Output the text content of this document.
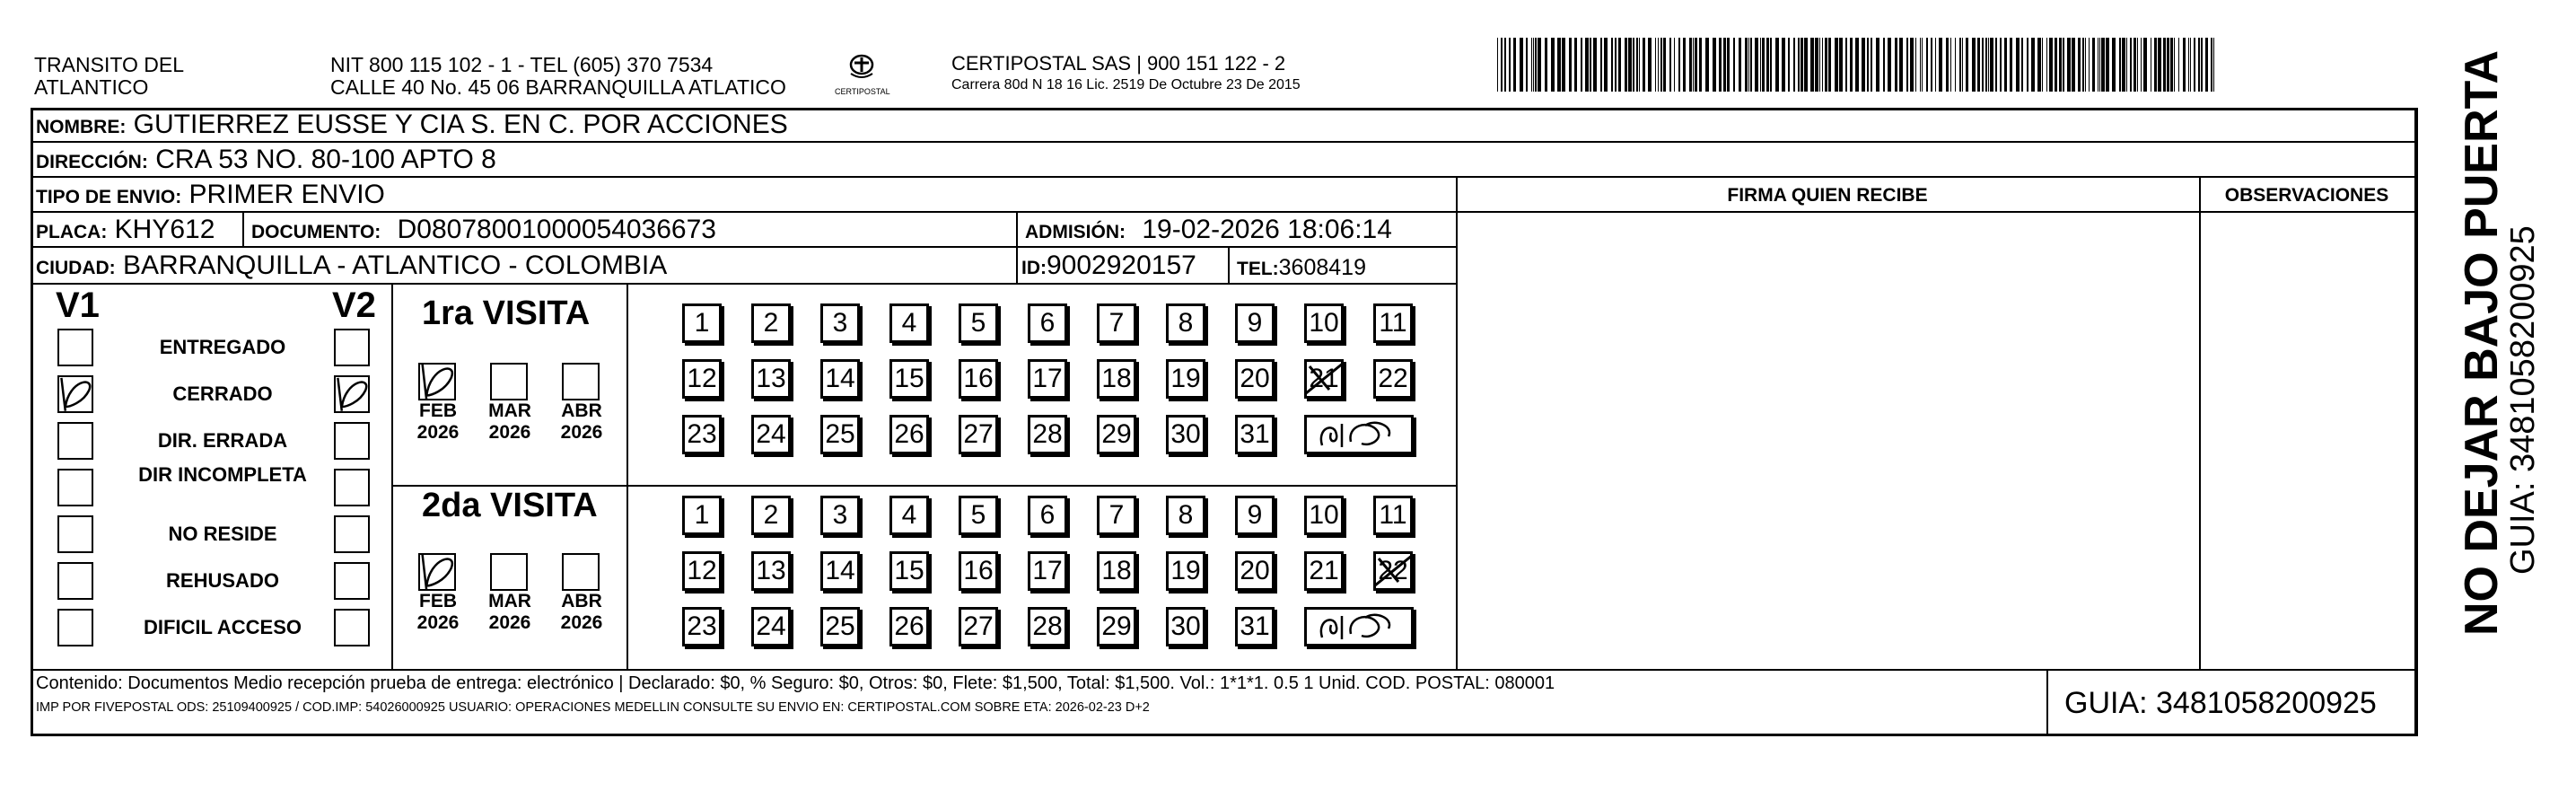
TRANSITO DEL
ATLANTICO
NIT 800 115 102 - 1 - TEL (605) 370 7534
CALLE 40 No. 45 06 BARRANQUILLA ATLATICO	CERTIPOSTAL
CERTIPOSTAL SAS | 900 151 122 - 2
Carrera 80d N 18 16 Lic. 2519 De Octubre 23 De 2015
NOMBRE: GUTIERREZ EUSSE Y CIA S. EN C. POR ACCIONES
DIRECCIÓN: CRA 53 NO. 80-100 APTO 8
TIPO DE ENVIO: PRIMER ENVIO
PLACA: KHY612 DOCUMENTO: D08078001000054036673	ADMISIÓN: 19-02-2026 18:06:14
CIUDAD: BARRANQUILLA - ATLANTICO - COLOMBIA	ID:9002920157 TEL:3608419
FIRMA QUIEN RECIBE	OBSERVACIONES
V1	V2
ENTREGADO
CERRADO
DIR. ERRADA
DIR INCOMPLETA
NO RESIDE
REHUSADO
DIFICIL ACCESO
1ra VISITA
2da VISITA
FEB
2026
MAR
2026
ABR
2026
FEB
2026
MAR
2026
ABR
2026
1	2	3	4	5	6	7	8	9	10 11
12 13 14 15 16 17 18 19 20 21 22
23 24 25 26 27 28 29 30 31
1	2	3	4	5	6	7	8	9	10 11
12 13 14 15 16 17 18 19 20 21 22
23 24 25 26 27 28 29 30 31
Contenido: Documentos Medio recepción prueba de entrega: electrónico | Declarado: $0, % Seguro: $0, Otros: $0, Flete: $1,500, Total: $1,500. Vol.: 1*1*1. 0.5 1 Unid. COD. POSTAL: 080001
IMP POR FIVEPOSTAL ODS: 25109400925 / COD.IMP: 54026000925 USUARIO: OPERACIONES MEDELLIN CONSULTE SU ENVIO EN: CERTIPOSTAL.COM SOBRE ETA: 2026-02-23 D+2	GUIA: 3481058200925
NO DEJAR BAJO PUERTA
GUIA: 3481058200925
